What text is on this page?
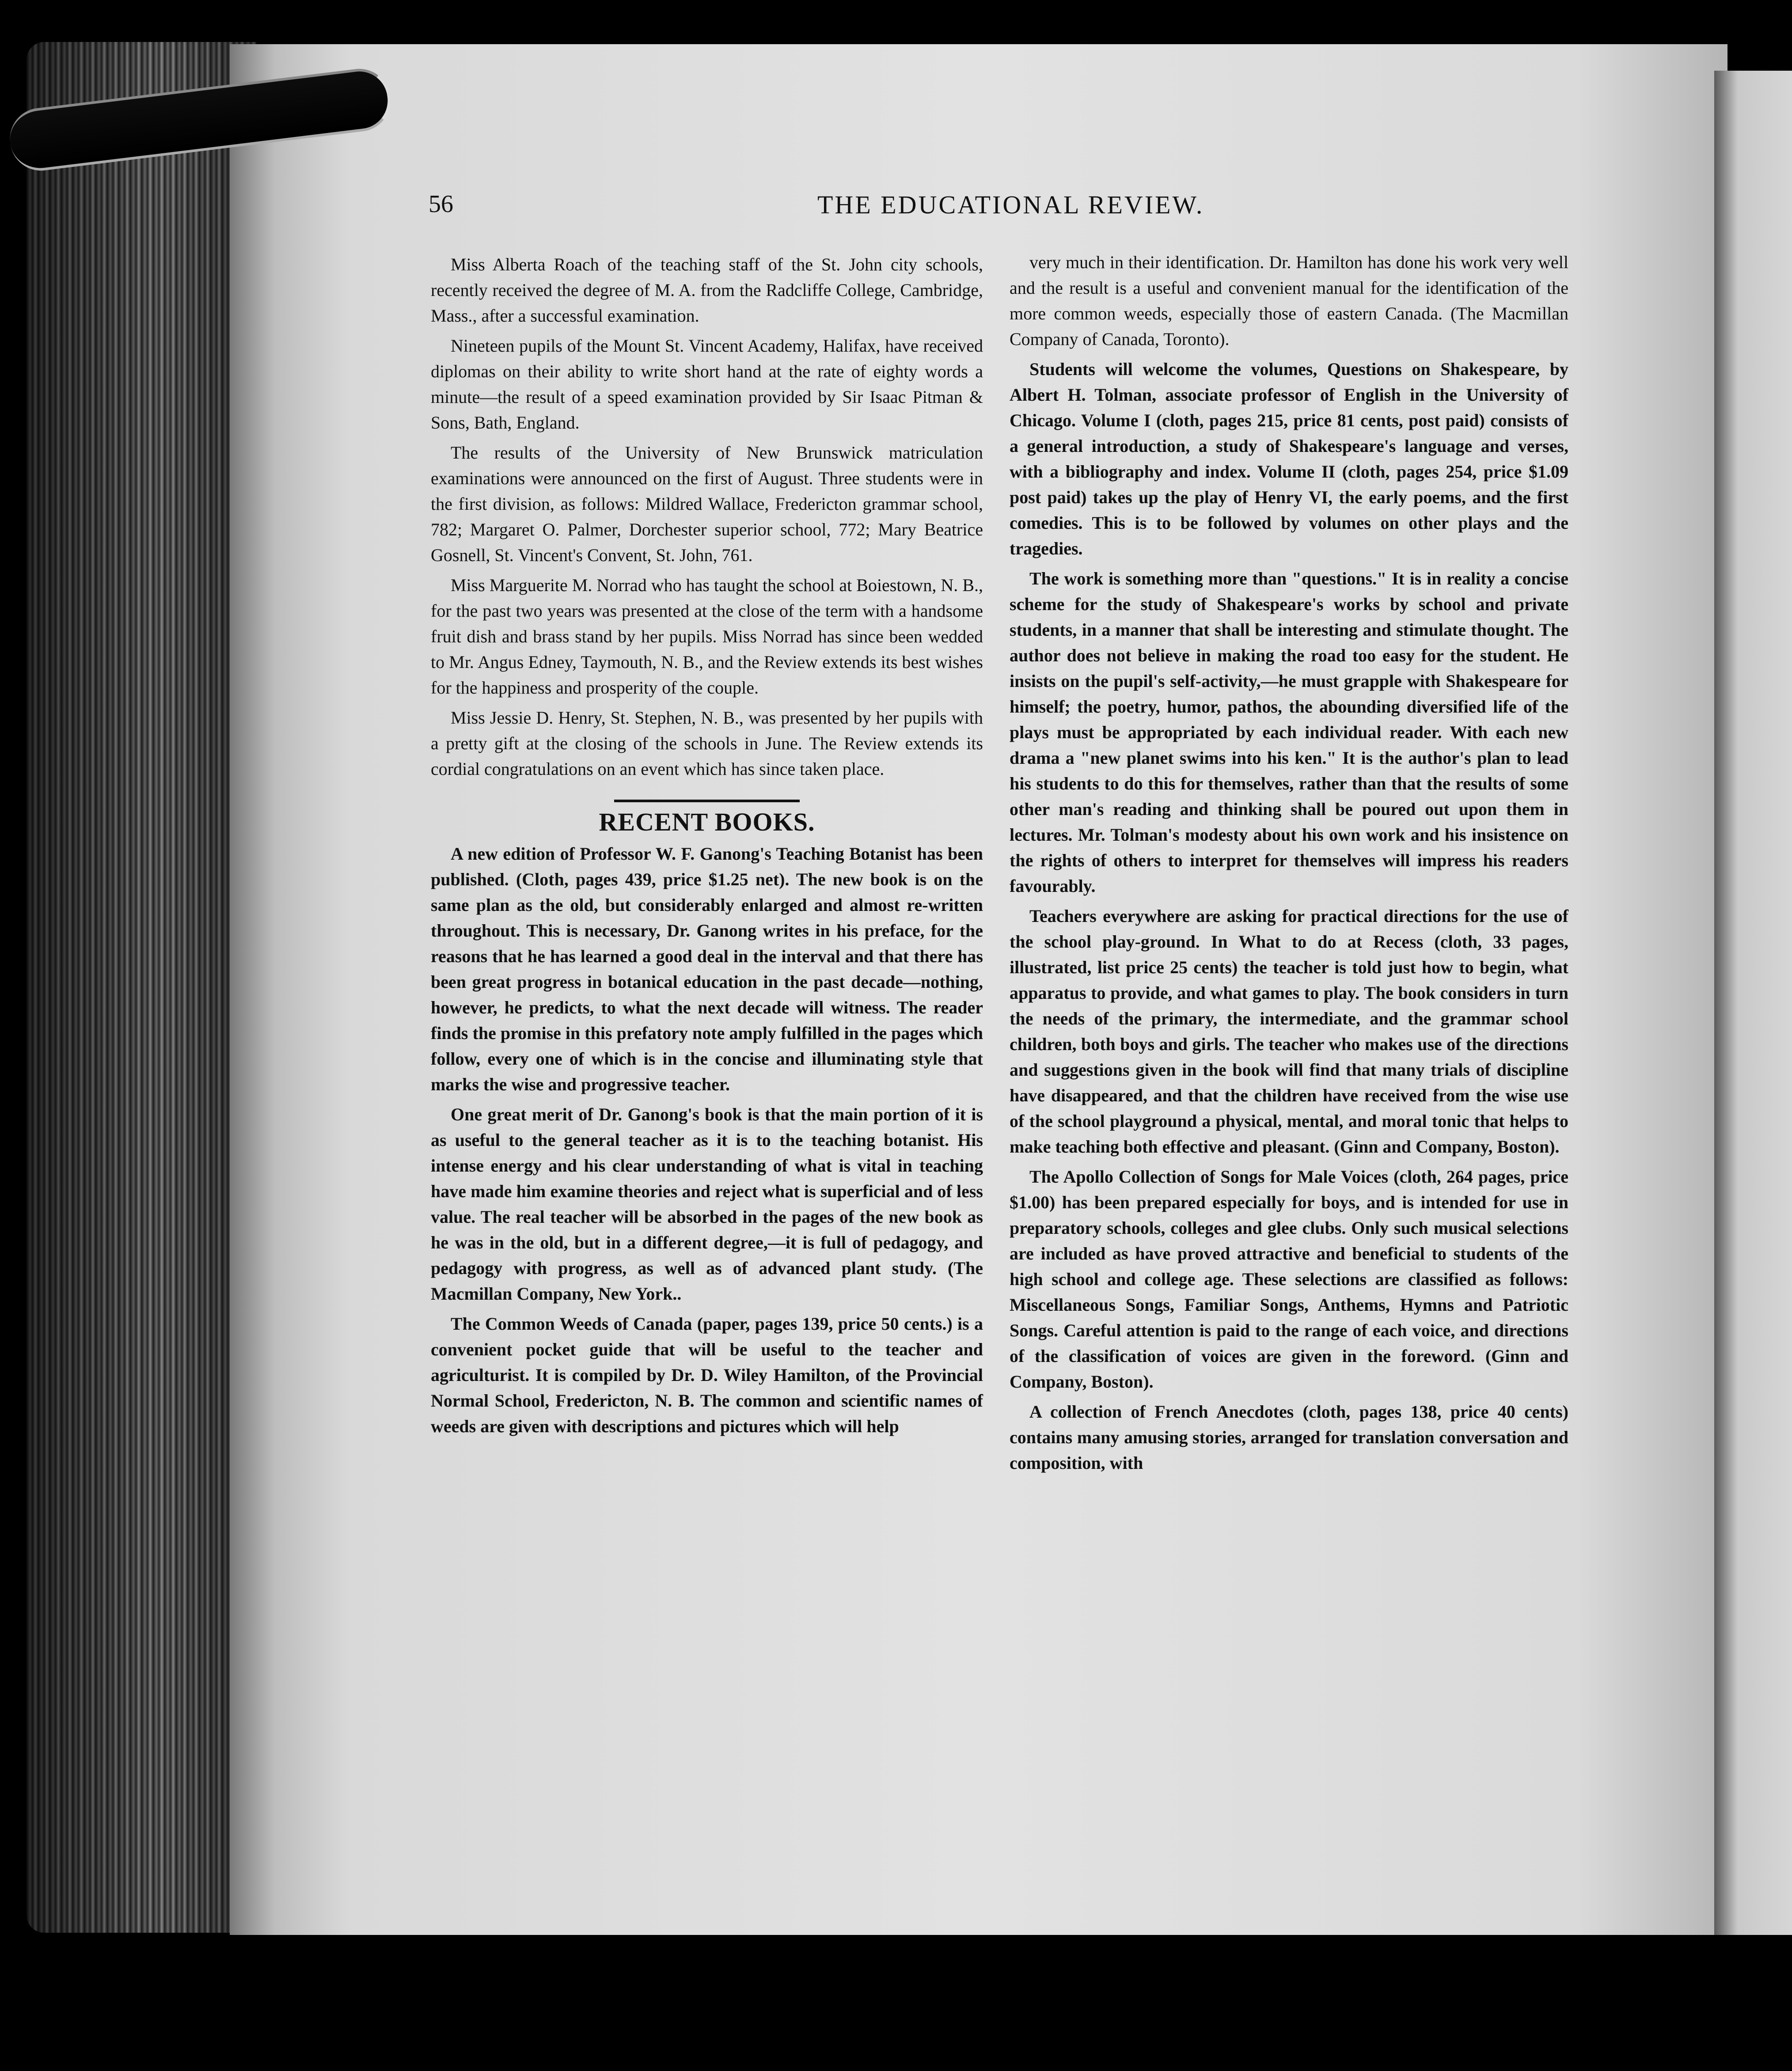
56	THE EDUCATIONAL REVIEW.

Miss Alberta Roach of the teaching staff of the St. John city schools, recently received the degree of M. A. from the Radcliffe College, Cambridge, Mass., after a successful examination.

Nineteen pupils of the Mount St. Vincent Academy, Halifax, have received diplomas on their ability to write short hand at the rate of eighty words a minute—the result of a speed examination provided by Sir Isaac Pitman & Sons, Bath, England.

The results of the University of New Brunswick matriculation examinations were announced on the first of August. Three students were in the first division, as follows: Mildred Wallace, Fredericton grammar school, 782; Margaret O. Palmer, Dorchester superior school, 772; Mary Beatrice Gosnell, St. Vincent's Convent, St. John, 761.

Miss Marguerite M. Norrad who has taught the school at Boiestown, N. B., for the past two years was presented at the close of the term with a handsome fruit dish and brass stand by her pupils. Miss Norrad has since been wedded to Mr. Angus Edney, Taymouth, N. B., and the Review extends its best wishes for the happiness and prosperity of the couple.

Miss Jessie D. Henry, St. Stephen, N. B., was presented by her pupils with a pretty gift at the closing of the schools in June. The Review extends its cordial congratulations on an event which has since taken place.

RECENT BOOKS.

A new edition of Professor W. F. Ganong's Teaching Botanist has been published. (Cloth, pages 439, price $1.25 net). The new book is on the same plan as the old, but considerably enlarged and almost re-written throughout. This is necessary, Dr. Ganong writes in his preface, for the reasons that he has learned a good deal in the interval and that there has been great progress in botanical education in the past decade—nothing, however, he predicts, to what the next decade will witness. The reader finds the promise in this prefatory note amply fulfilled in the pages which follow, every one of which is in the concise and illuminating style that marks the wise and progressive teacher.

One great merit of Dr. Ganong's book is that the main portion of it is as useful to the general teacher as it is to the teaching botanist. His intense energy and his clear understanding of what is vital in teaching have made him examine theories and reject what is superficial and of less value. The real teacher will be absorbed in the pages of the new book as he was in the old, but in a different degree,—it is full of pedagogy, and pedagogy with progress, as well as of advanced plant study. (The Macmillan Company, New York..

The Common Weeds of Canada (paper, pages 139, price 50 cents.) is a convenient pocket guide that will be useful to the teacher and agriculturist. It is compiled by Dr. D. Wiley Hamilton, of the Provincial Normal School, Fredericton, N. B. The common and scientific names of weeds are given with descriptions and pictures which will help

very much in their identification. Dr. Hamilton has done his work very well and the result is a useful and convenient manual for the identification of the more common weeds, especially those of eastern Canada. (The Macmillan Company of Canada, Toronto).

Students will welcome the volumes, Questions on Shakespeare, by Albert H. Tolman, associate professor of English in the University of Chicago. Volume I (cloth, pages 215, price 81 cents, post paid) consists of a general introduction, a study of Shakespeare's language and verses, with a bibliography and index. Volume II (cloth, pages 254, price $1.09 post paid) takes up the play of Henry VI, the early poems, and the first comedies. This is to be followed by volumes on other plays and the tragedies.

The work is something more than "questions." It is in reality a concise scheme for the study of Shakespeare's works by school and private students, in a manner that shall be interesting and stimulate thought. The author does not believe in making the road too easy for the student. He insists on the pupil's self-activity,—he must grapple with Shakespeare for himself; the poetry, humor, pathos, the abounding diversified life of the plays must be appropriated by each individual reader. With each new drama a "new planet swims into his ken." It is the author's plan to lead his students to do this for themselves, rather than that the results of some other man's reading and thinking shall be poured out upon them in lectures. Mr. Tolman's modesty about his own work and his insistence on the rights of others to interpret for themselves will impress his readers favourably.

Teachers everywhere are asking for practical directions for the use of the school play-ground. In What to do at Recess (cloth, 33 pages, illustrated, list price 25 cents) the teacher is told just how to begin, what apparatus to provide, and what games to play. The book considers in turn the needs of the primary, the intermediate, and the grammar school children, both boys and girls. The teacher who makes use of the directions and suggestions given in the book will find that many trials of discipline have disappeared, and that the children have received from the wise use of the school playground a physical, mental, and moral tonic that helps to make teaching both effective and pleasant. (Ginn and Company, Boston).

The Apollo Collection of Songs for Male Voices (cloth, 264 pages, price $1.00) has been prepared especially for boys, and is intended for use in preparatory schools, colleges and glee clubs. Only such musical selections are included as have proved attractive and beneficial to students of the high school and college age. These selections are classified as follows: Miscellaneous Songs, Familiar Songs, Anthems, Hymns and Patriotic Songs. Careful attention is paid to the range of each voice, and directions of the classification of voices are given in the foreword. (Ginn and Company, Boston).

A collection of French Anecdotes (cloth, pages 138, price 40 cents) contains many amusing stories, arranged for translation conversation and composition, with
